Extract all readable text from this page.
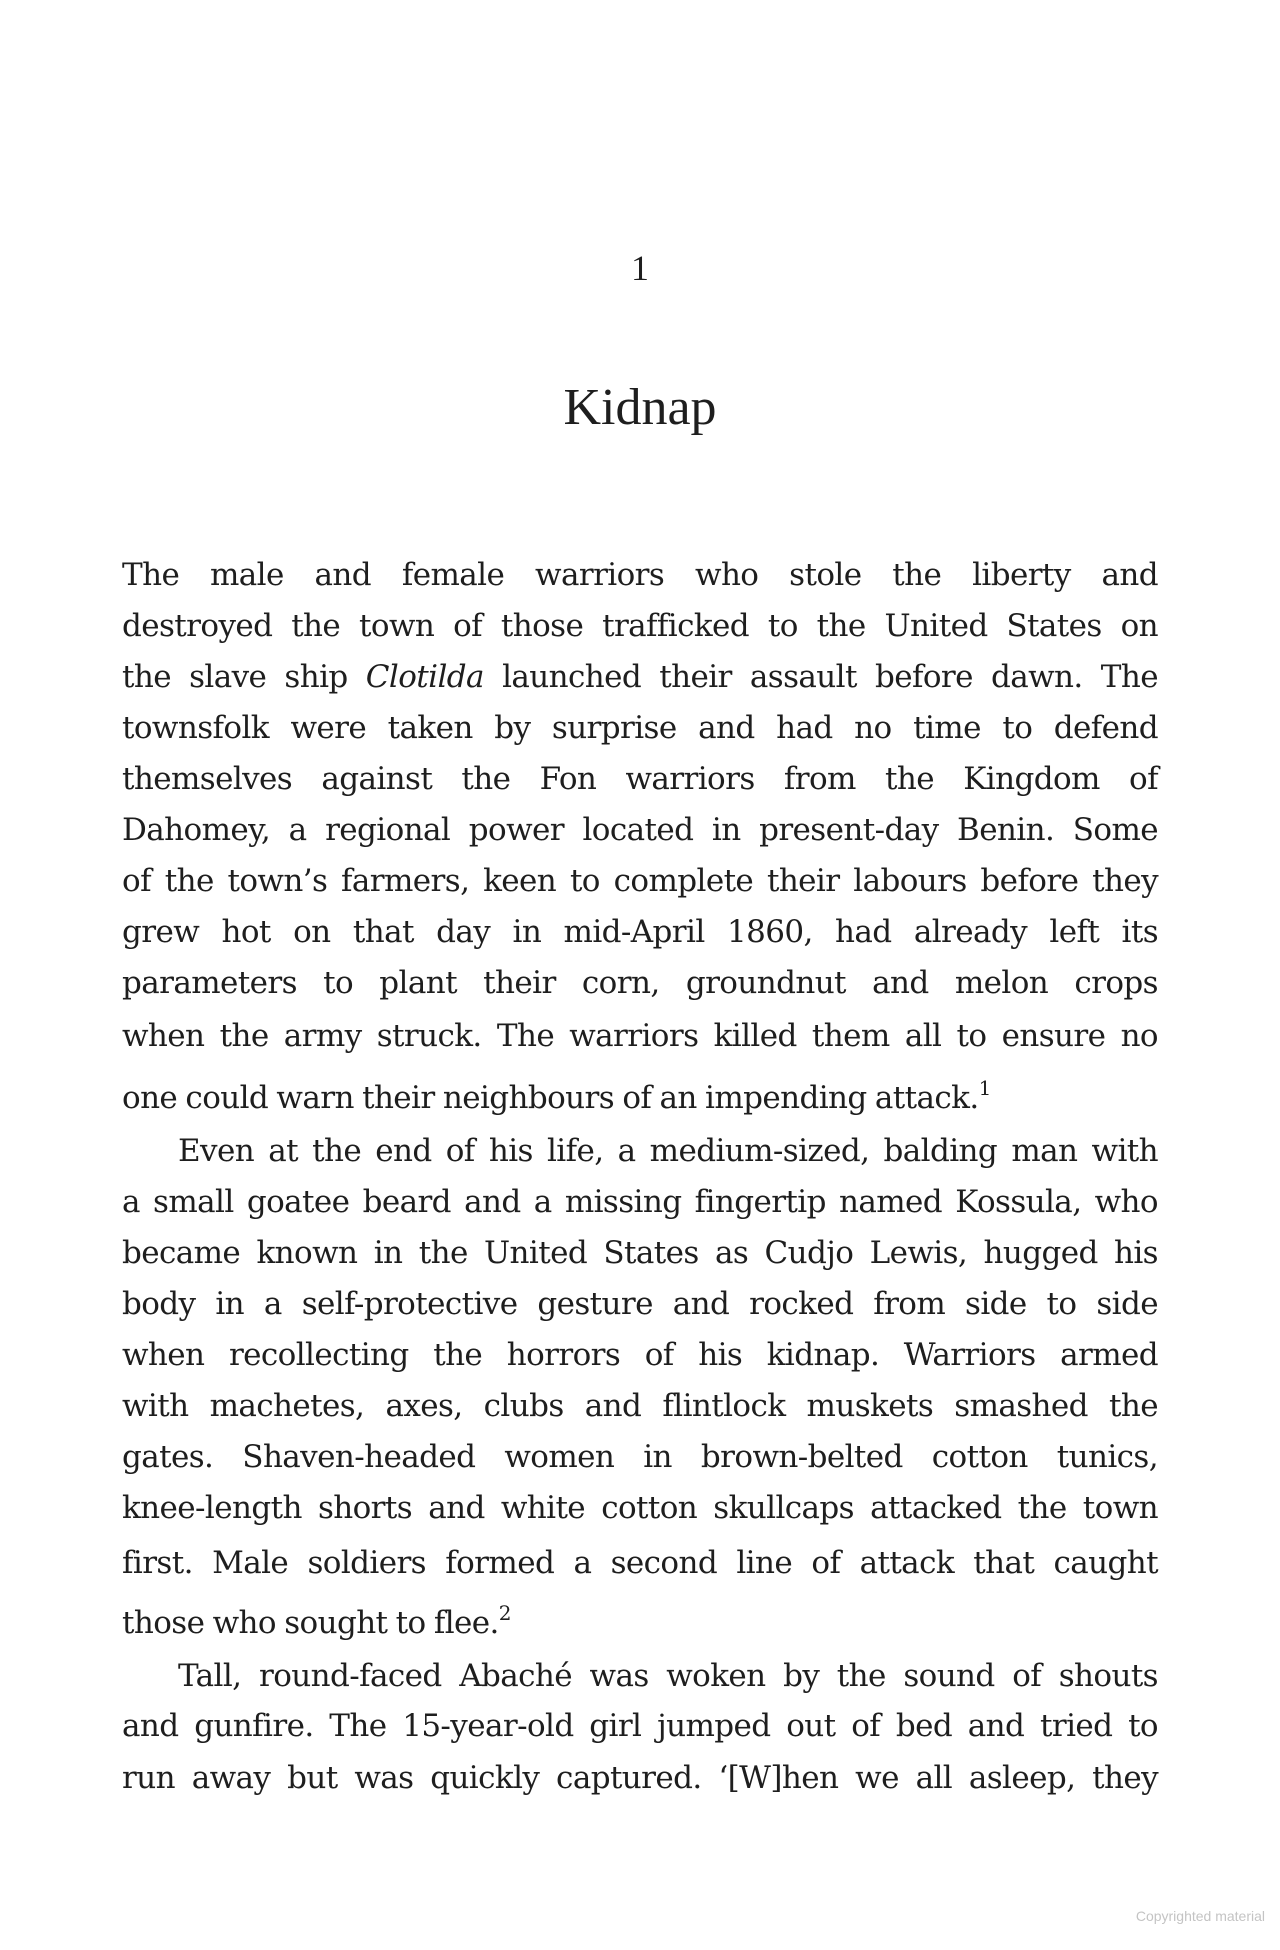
1
Kidnap
The male and female warriors who stole the liberty and
destroyed the town of those trafficked to the United States on
the slave ship Clotilda launched their assault before dawn. The
townsfolk were taken by surprise and had no time to defend
themselves against the Fon warriors from the Kingdom of
Dahomey, a regional power located in present-day Benin. Some
of the town’s farmers, keen to complete their labours before they
grew hot on that day in mid-April 1860, had already left its
parameters to plant their corn, groundnut and melon crops
when the army struck. The warriors killed them all to ensure no
one could warn their neighbours of an impending attack.$^1$
Even at the end of his life, a medium-sized, balding man with
a small goatee beard and a missing fingertip named Kossula, who
became known in the United States as Cudjo Lewis, hugged his
body in a self-protective gesture and rocked from side to side
when recollecting the horrors of his kidnap. Warriors armed
with machetes, axes, clubs and flintlock muskets smashed the
gates. Shaven-headed women in brown-belted cotton tunics,
knee-length shorts and white cotton skullcaps attacked the town
first. Male soldiers formed a second line of attack that caught
those who sought to flee.$^2$
Tall, round-faced Abaché was woken by the sound of shouts
and gunfire. The 15-year-old girl jumped out of bed and tried to
run away but was quickly captured. ‘[W]hen we all asleep, they
Copyrighted material
